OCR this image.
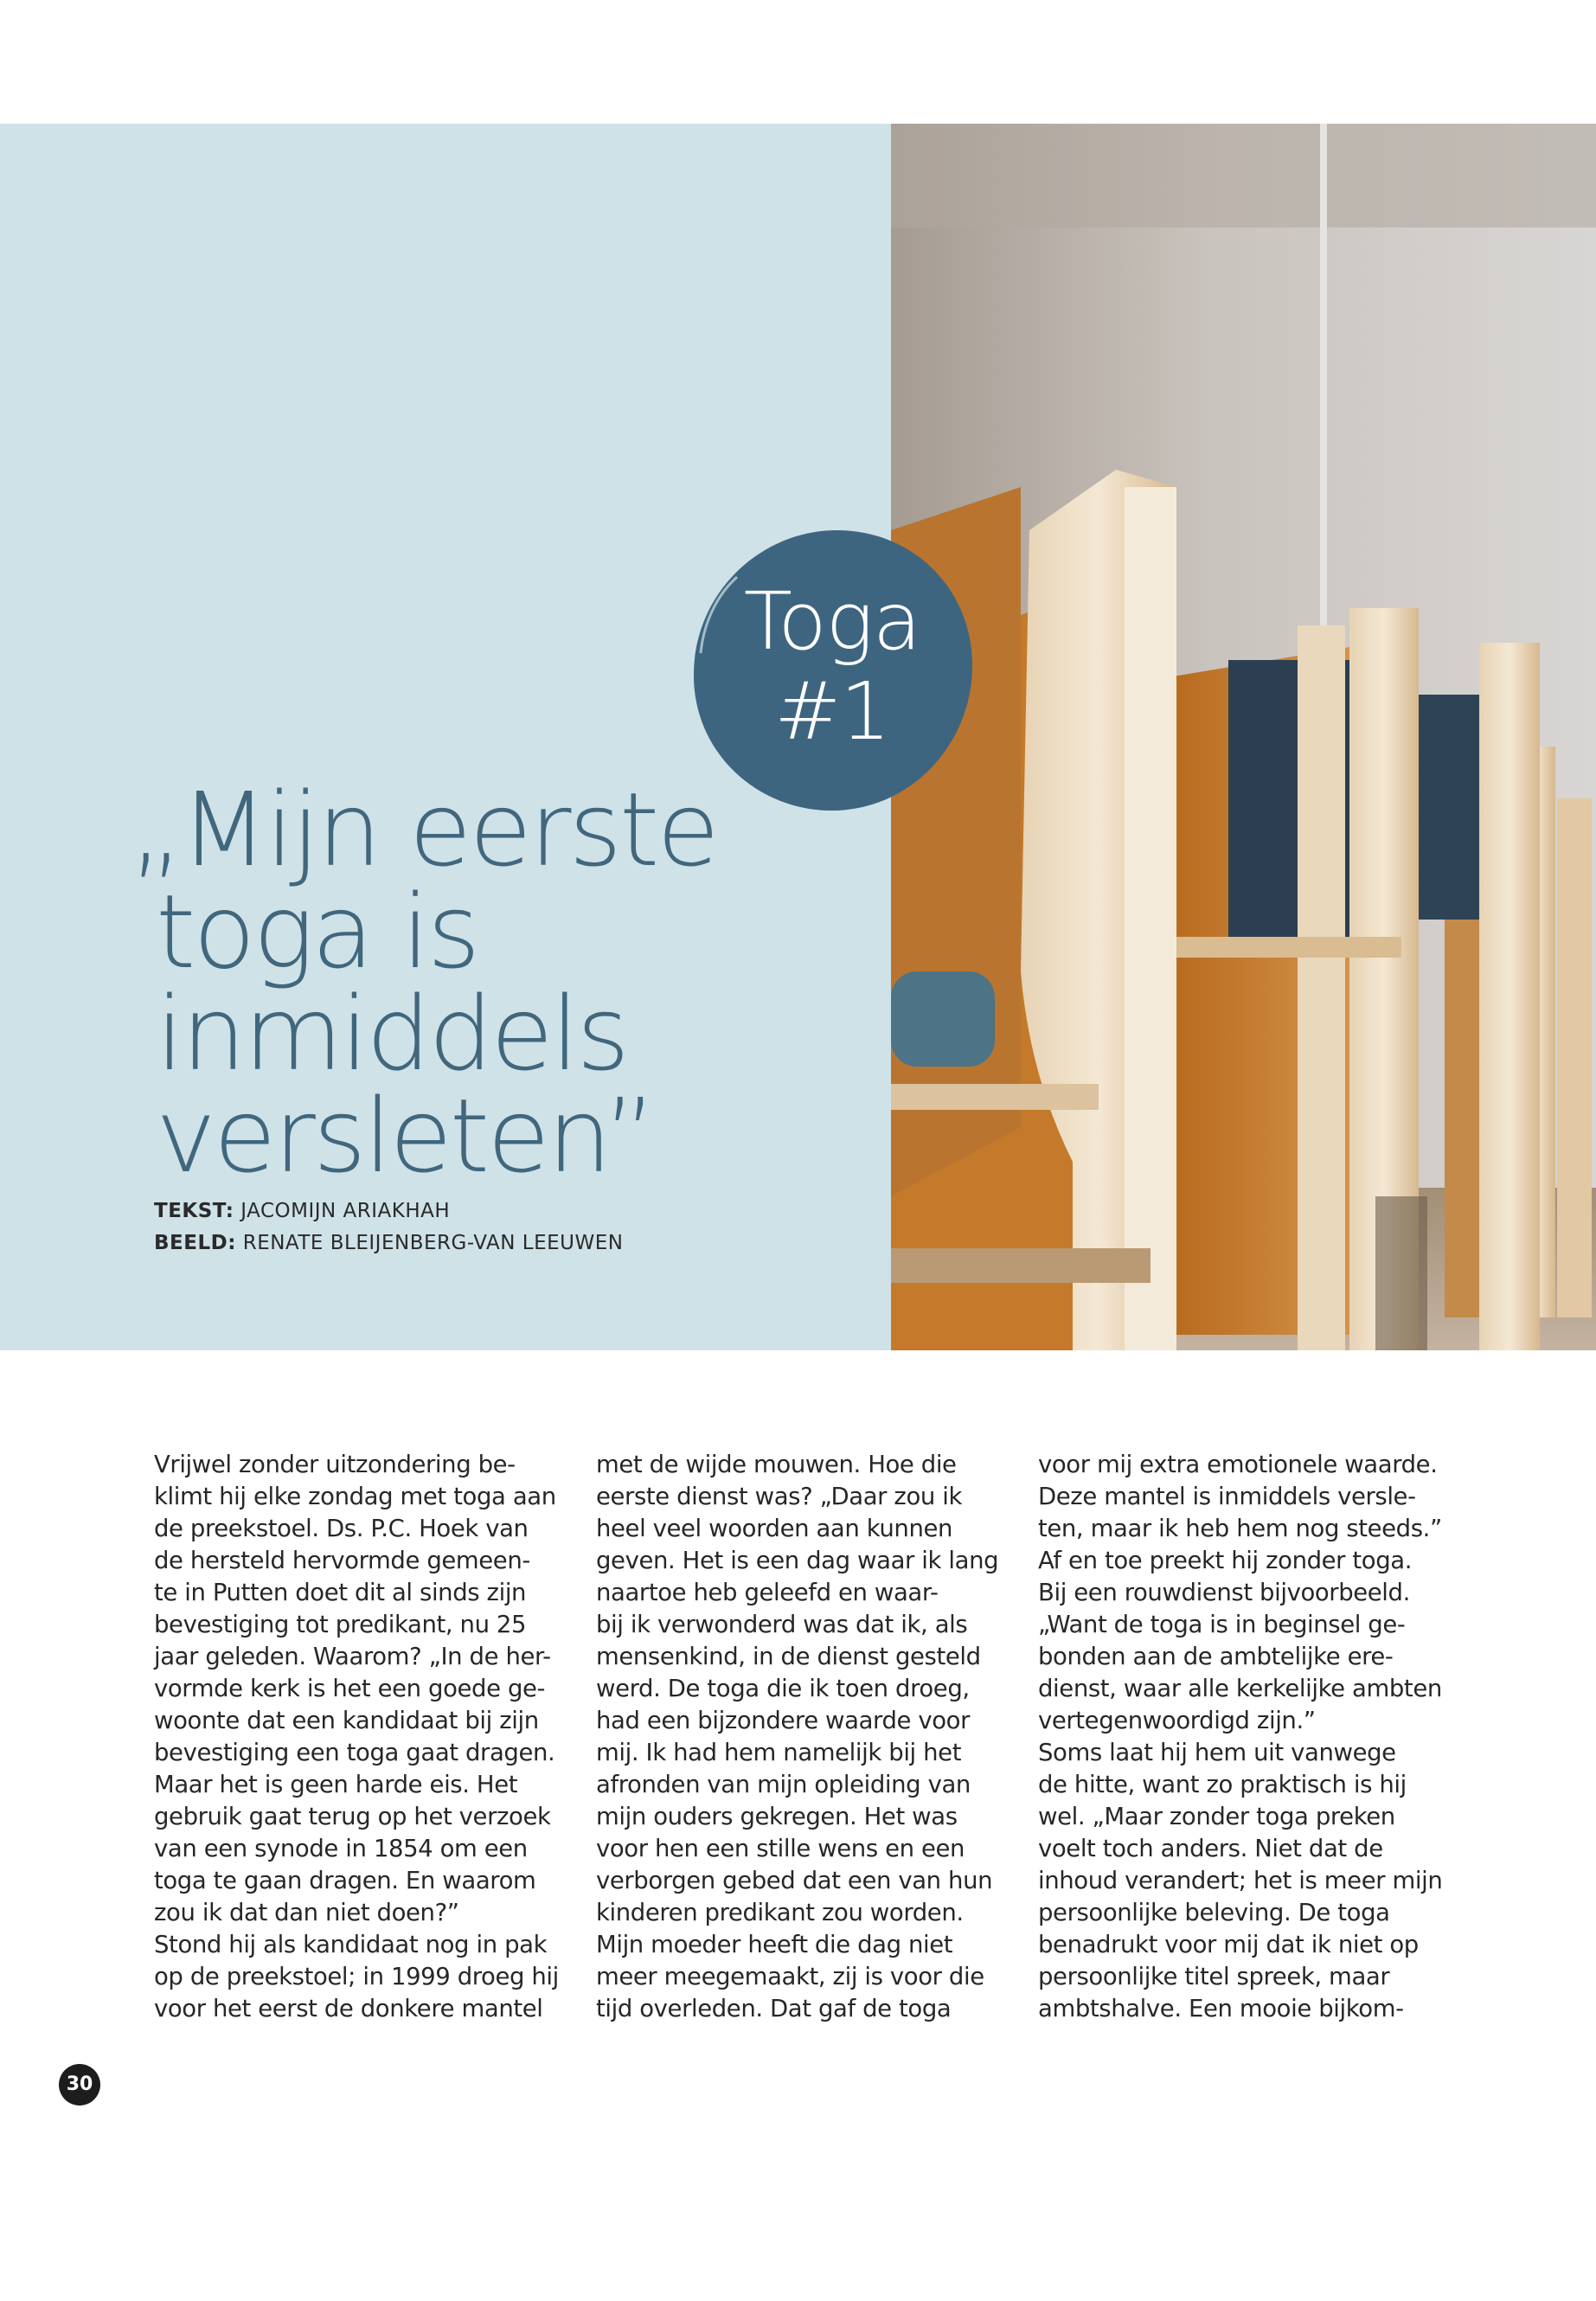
Toga
#1
„Mijn eerste
toga is
inmiddels
versleten”
TEKST: JACOMIJN ARIAKHAH
BEELD: RENATE BLEIJENBERG-VAN LEEUWEN
Vrijwel zonder uitzondering be-
klimt hij elke zondag met toga aan
de preekstoel. Ds. P.C. Hoek van
de hersteld hervormde gemeen-
te in Putten doet dit al sinds zijn
bevestiging tot predikant, nu 25
jaar geleden. Waarom? „In de her-
vormde kerk is het een goede ge-
woonte dat een kandidaat bij zijn
bevestiging een toga gaat dragen.
Maar het is geen harde eis. Het
gebruik gaat terug op het verzoek
van een synode in 1854 om een
toga te gaan dragen. En waarom
zou ik dat dan niet doen?”
Stond hij als kandidaat nog in pak
op de preekstoel; in 1999 droeg hij
voor het eerst de donkere mantel
met de wijde mouwen. Hoe die
eerste dienst was? „Daar zou ik
heel veel woorden aan kunnen
geven. Het is een dag waar ik lang
naartoe heb geleefd en waar-
bij ik verwonderd was dat ik, als
mensenkind, in de dienst gesteld
werd. De toga die ik toen droeg,
had een bijzondere waarde voor
mij. Ik had hem namelijk bij het
afronden van mijn opleiding van
mijn ouders gekregen. Het was
voor hen een stille wens en een
verborgen gebed dat een van hun
kinderen predikant zou worden.
Mijn moeder heeft die dag niet
meer meegemaakt, zij is voor die
tijd overleden. Dat gaf de toga
voor mij extra emotionele waarde.
Deze mantel is inmiddels versle-
ten, maar ik heb hem nog steeds.”
Af en toe preekt hij zonder toga.
Bij een rouwdienst bijvoorbeeld.
„Want de toga is in beginsel ge-
bonden aan de ambtelijke ere-
dienst, waar alle kerkelijke ambten
vertegenwoordigd zijn.”
Soms laat hij hem uit vanwege
de hitte, want zo praktisch is hij
wel. „Maar zonder toga preken
voelt toch anders. Niet dat de
inhoud verandert; het is meer mijn
persoonlijke beleving. De toga
benadrukt voor mij dat ik niet op
persoonlijke titel spreek, maar
ambtshalve. Een mooie bijkom-
30
